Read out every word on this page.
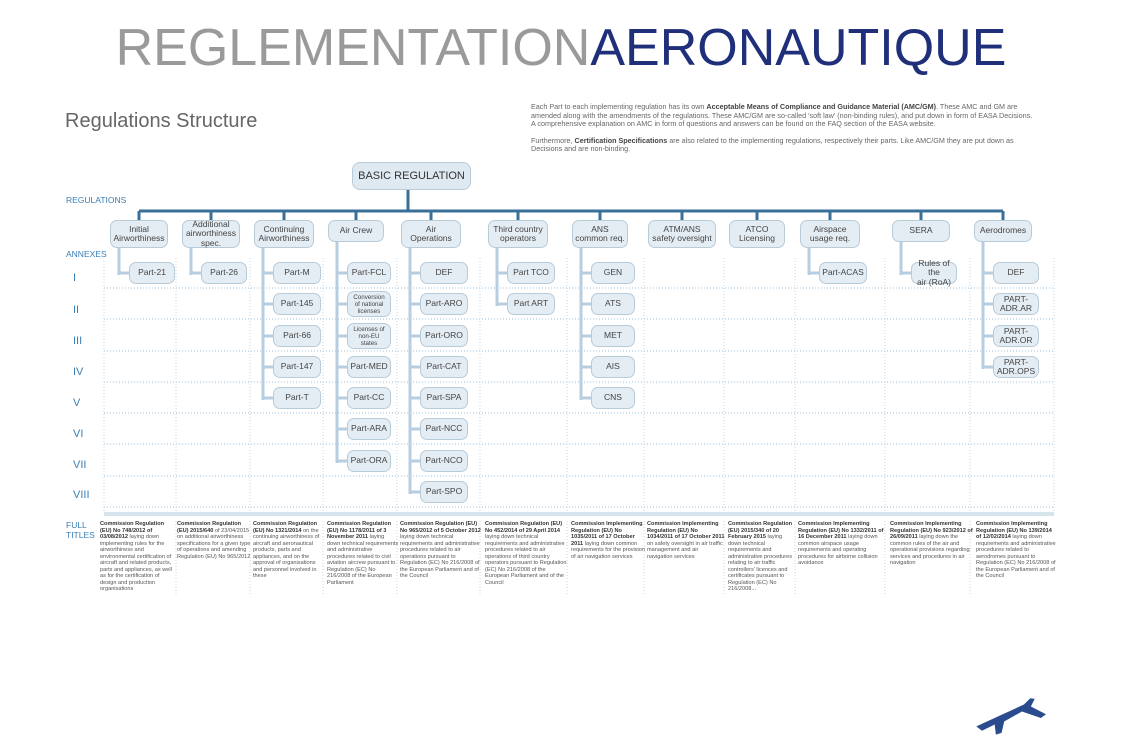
REGLEMENTATIONAERONAUTIQUE
Regulations Structure

Each Part to each implementing regulation has its own Acceptable Means of Compliance and Guidance Material (AMC/GM). These AMC and GM are amended along with the amendments of the regulations. These AMC/GM are so-called 'soft law' (non-binding rules), and put down in form of EASA Decisions. A comprehensive explanation on AMC in form of questions and answers can be found on the FAQ section of the EASA website.

Furthermore, Certification Specifications are also related to the implementing regulations, respectively their parts. Like AMC/GM they are put down as Decisions and are non-binding.

BASIC REGULATION
REGULATIONS
ANNEXES
FULL
TITLES
I
II
III
IV
V
VI
VII
VIII
Initial
Airworthiness
Part-21
Additional
airworthiness
spec.
Part-26
Continuing
Airworthiness
Part-M
Part-145
Part-66
Part-147
Part-T
Air Crew
Part-FCL
Conversion
of national
licenses
Licenses of
non-EU
states
Part-MED
Part-CC
Part-ARA
Part-ORA
Air
Operations
DEF
Part-ARO
Part-ORO
Part-CAT
Part-SPA
Part-NCC
Part-NCO
Part-SPO
Third country
operators
Part TCO
Part ART
ANS
common req.
GEN
ATS
MET
AIS
CNS
ATM/ANS
safety oversight
ATCO
Licensing
Airspace
usage req.
Part-ACAS
SERA
Rules of the
air (RoA)
Aerodromes
DEF
PART-ADR.AR
PART-ADR.OR
PART-ADR.OPS
Commission Regulation (EU) No 748/2012 of 03/08/2012 laying down implementing rules for the airworthiness and environmental certification of aircraft and related products, parts and appliances, as well as for the certification of design and production organisations
Commission Regulation (EU) 2015/640 of 23/04/2015 on additional airworthiness specifications for a given type of operations and amending Regulation (EU) No 965/2012
Commission Regulation (EU) No 1321/2014 on the continuing airworthiness of aircraft and aeronautical products, parts and appliances, and on the approval of organisations and personnel involved in these
Commission Regulation (EU) No 1178/2011 of 3 November 2011 laying down technical requirements and administrative procedures related to civil aviation aircrew pursuant to Regulation (EC) No 216/2008 of the European Parliament
Commission Regulation (EU) No 965/2012 of 5 October 2012 laying down technical requirements and administrative procedures related to air operations pursuant to Regulation (EC) No 216/2008 of the European Parliament and of the Council
Commission Regulation (EU) No 452/2014 of 29 April 2014 laying down technical requirements and administrative procedures related to air operations of third country operators pursuant to Regulation (EC) No 216/2008 of the European Parliament and of the Council
Commission Implementing Regulation (EU) No 1035/2011 of 17 October 2011 laying down common requirements for the provision of air navigation services
Commission Implementing Regulation (EU) No 1034/2011 of 17 October 2011 on safety oversight in air traffic management and air navigation services
Commission Regulation (EU) 2015/340 of 20 February 2015 laying down technical requirements and administrative procedures relating to air traffic controllers' licences and certificates pursuant to Regulation (EC) No 216/2008...
Commission Implementing Regulation (EU) No 1332/2011 of 16 December 2011 laying down common airspace usage requirements and operating procedures for airborne collision avoidance
Commission Implementing Regulation (EU) No 923/2012 of 26/09/2011 laying down the common rules of the air and operational provisions regarding services and procedures in air navigation
Commission Implementing Regulation (EU) No 139/2014 of 12/02/2014 laying down requirements and administrative procedures related to aerodromes pursuant to Regulation (EC) No 216/2008 of the European Parliament and of the Council
